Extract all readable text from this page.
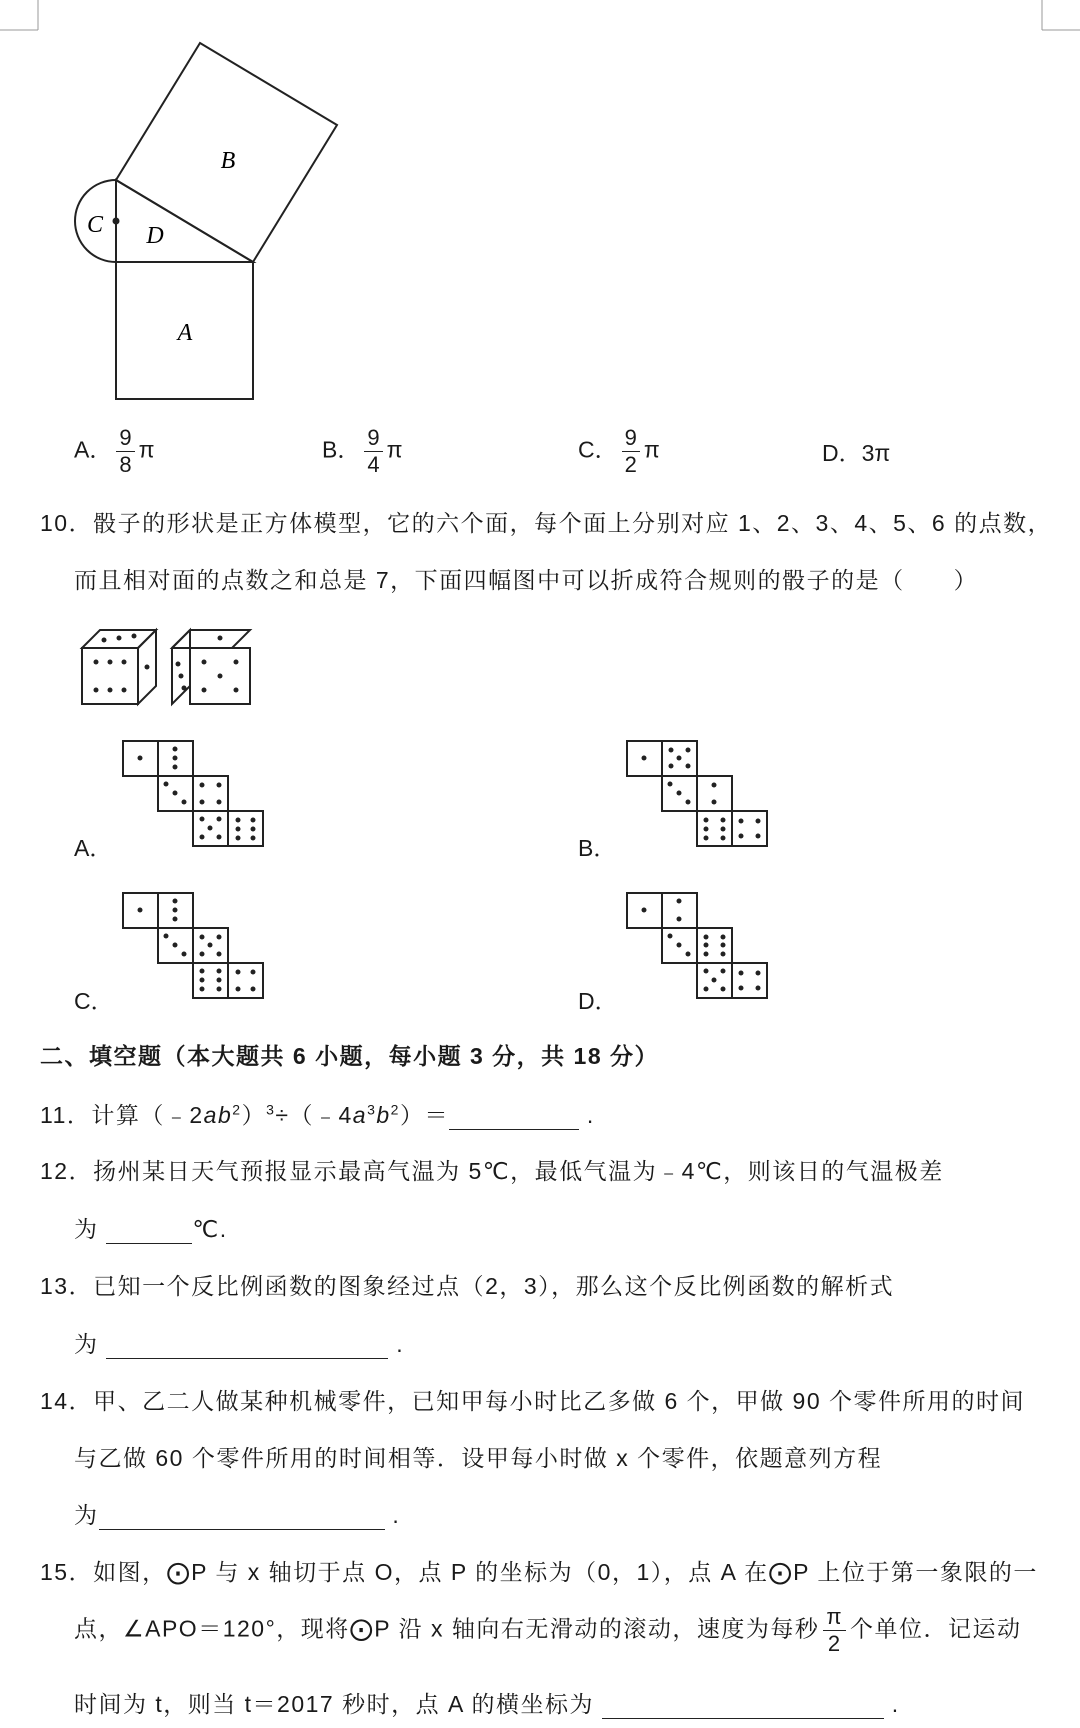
B
C D
A
A． $\frac{9}{8}$ π	B． $\frac{9}{4}$ π	C． $\frac{9}{2}$ π	D．3π
10．骰子的形状是正方体模型，它的六个面，每个面上分别对应 1、2、3、4、5、6 的点数，
而且相对面的点数之和总是 7，下面四幅图中可以折成符合规则的骰子的是（　　）
A．	B．
C．	D．
二、填空题（本大题共 6 小题，每小题 3 分，共 18 分）
11．计算$(﹣2ab^2)^3\div(﹣4a^3b^2)=$	.
12．扬州某日天气预报显示最高气温为 5℃，最低气温为﹣4℃，则该日的气温极差
为	℃.
13．已知一个反比例函数的图象经过点（2，3），那么这个反比例函数的解析式
为	.
14．甲、乙二人做某种机械零件，已知甲每小时比乙多做 6 个，甲做 90 个零件所用的时间
与乙做 60 个零件所用的时间相等．设甲每小时做 x 个零件，依题意列方程
为	.
15．如图，⨀P 与 x 轴切于点 O，点 P 的坐标为（0，1），点 A 在⨀P 上位于第一象限的一
点，∠APO＝120°，现将⨀P 沿 x 轴向右无滑动的滚动，速度为每秒 $\frac{\pi}{2}$ 个单位．记运动
时间为 t，则当 t＝2017 秒时，点 A 的横坐标为	.
